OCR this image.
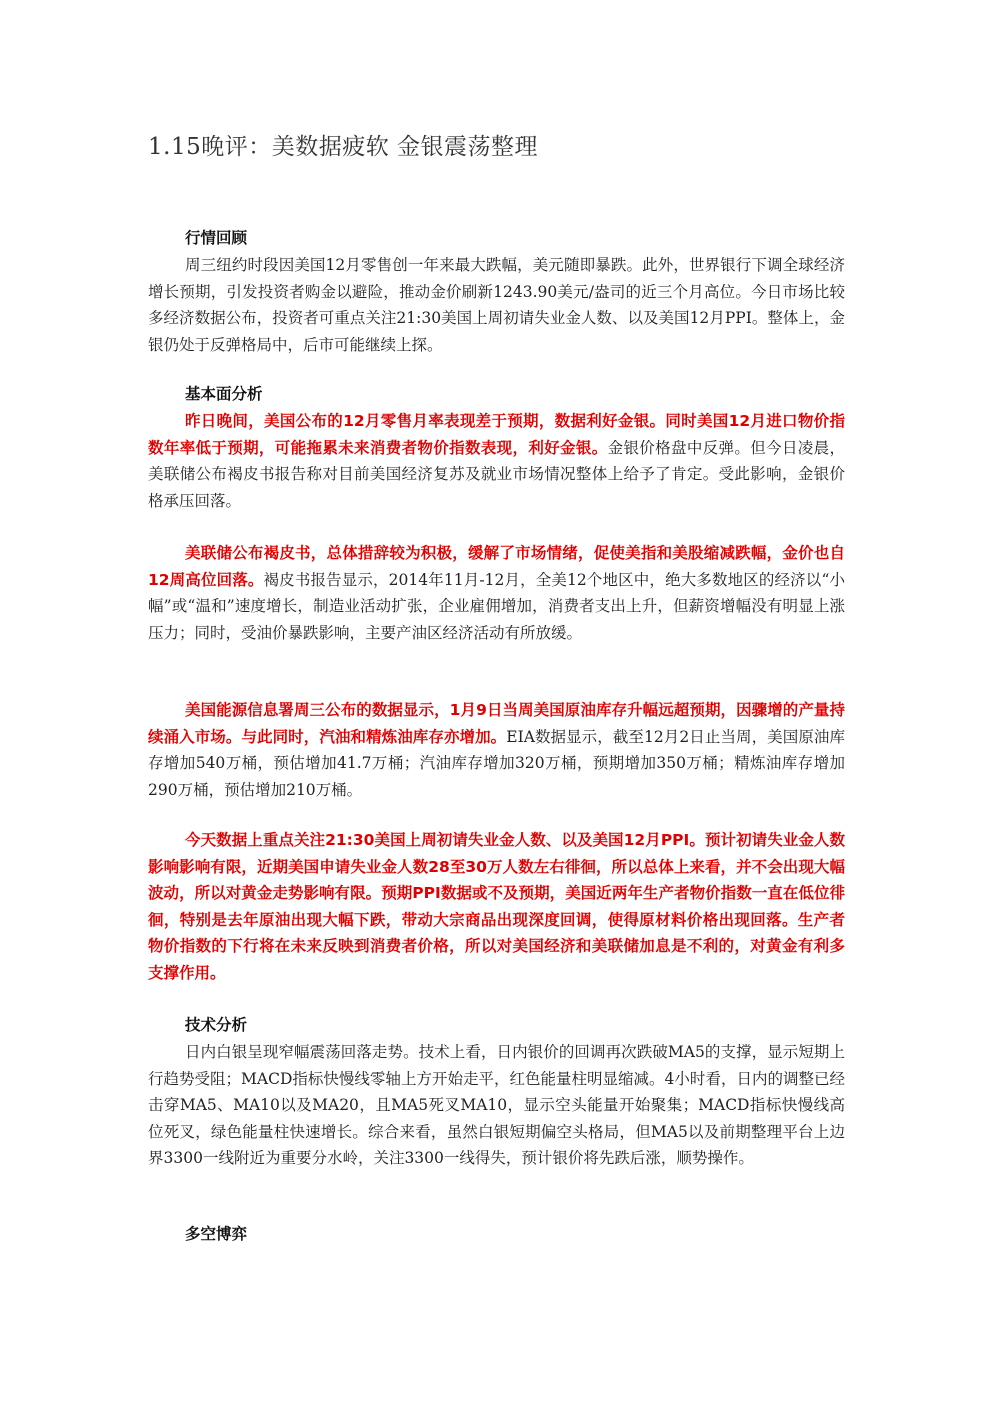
1.15晚评：美数据疲软 金银震荡整理

行情回顾

周三纽约时段因美国12月零售创一年来最大跌幅，美元随即暴跌。此外，世界银行下调全球经济增长预期，引发投资者购金以避险，推动金价刷新1243.90美元/盎司的近三个月高位。今日市场比较多经济数据公布，投资者可重点关注21:30美国上周初请失业金人数、以及美国12月PPI。整体上，金银仍处于反弹格局中，后市可能继续上探。

基本面分析

昨日晚间，美国公布的12月零售月率表现差于预期，数据利好金银。同时美国12月进口物价指数年率低于预期，可能拖累未来消费者物价指数表现，利好金银。金银价格盘中反弹。但今日凌晨，美联储公布褐皮书报告称对目前美国经济复苏及就业市场情况整体上给予了肯定。受此影响，金银价格承压回落。

美联储公布褐皮书，总体措辞较为积极，缓解了市场情绪，促使美指和美股缩减跌幅，金价也自12周高位回落。褐皮书报告显示，2014年11月-12月，全美12个地区中，绝大多数地区的经济以“小幅”或“温和”速度增长，制造业活动扩张，企业雇佣增加，消费者支出上升，但薪资增幅没有明显上涨压力；同时，受油价暴跌影响，主要产油区经济活动有所放缓。

美国能源信息署周三公布的数据显示，1月9日当周美国原油库存升幅远超预期，因骤增的产量持续涌入市场。与此同时，汽油和精炼油库存亦增加。EIA数据显示，截至12月2日止当周，美国原油库存增加540万桶，预估增加41.7万桶；汽油库存增加320万桶，预期增加350万桶；精炼油库存增加290万桶，预估增加210万桶。

今天数据上重点关注21:30美国上周初请失业金人数、以及美国12月PPI。预计初请失业金人数影响影响有限，近期美国申请失业金人数28至30万人数左右徘徊，所以总体上来看，并不会出现大幅波动，所以对黄金走势影响有限。预期PPI数据或不及预期，美国近两年生产者物价指数一直在低位徘徊，特别是去年原油出现大幅下跌，带动大宗商品出现深度回调，使得原材料价格出现回落。生产者物价指数的下行将在未来反映到消费者价格，所以对美国经济和美联储加息是不利的，对黄金有利多支撑作用。

技术分析

日内白银呈现窄幅震荡回落走势。技术上看，日内银价的回调再次跌破MA5的支撑，显示短期上行趋势受阻；MACD指标快慢线零轴上方开始走平，红色能量柱明显缩减。4小时看，日内的调整已经击穿MA5、MA10以及MA20，且MA5死叉MA10，显示空头能量开始聚集；MACD指标快慢线高位死叉，绿色能量柱快速增长。综合来看，虽然白银短期偏空头格局，但MA5以及前期整理平台上边界3300一线附近为重要分水岭，关注3300一线得失，预计银价将先跌后涨，顺势操作。

多空博弈
